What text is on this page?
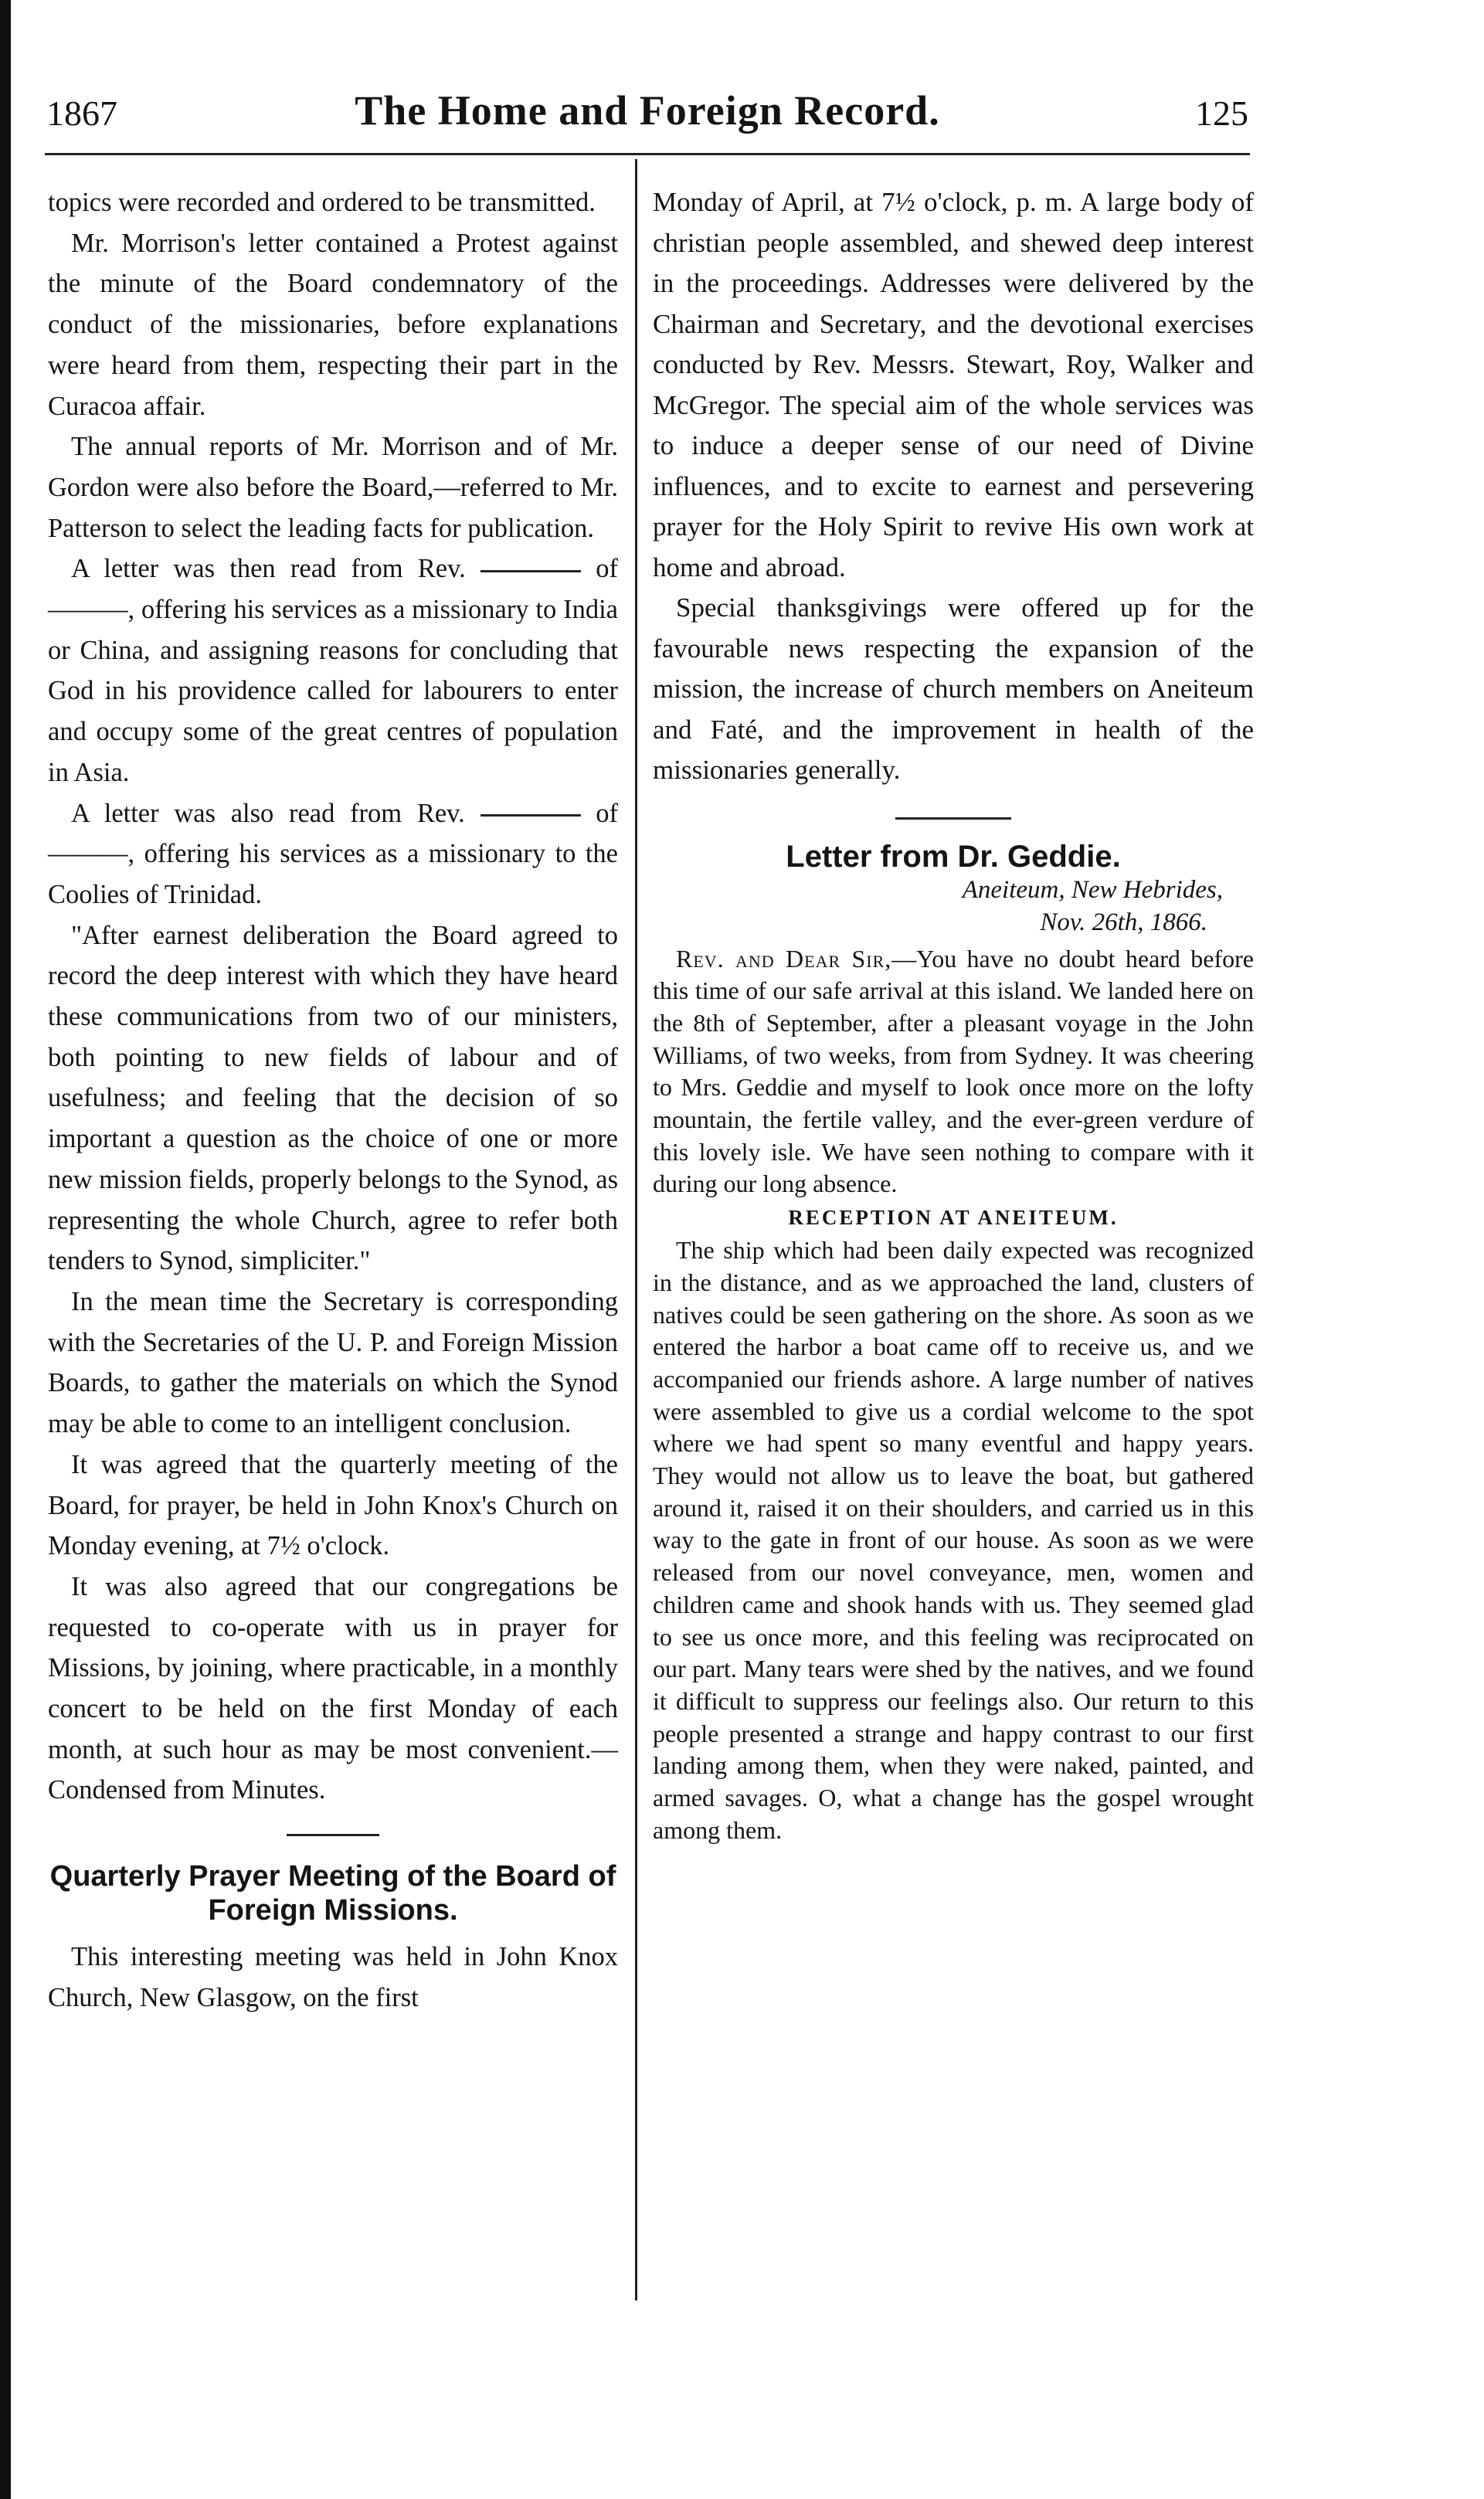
1867	The Home and Foreign Record.	125

topics were recorded and ordered to be transmitted.

Mr. Morrison's letter contained a Protest against the minute of the Board condemnatory of the conduct of the missionaries, before explanations were heard from them, respecting their part in the Curacoa affair.

The annual reports of Mr. Morrison and of Mr. Gordon were also before the Board,—referred to Mr. Patterson to select the leading facts for publication.

A letter was then read from Rev.	of ———, offering his services as a missionary to India or China, and assigning reasons for concluding that God in his providence called for labourers to enter and occupy some of the great centres of population in Asia.

A letter was also read from Rev.	of ———, offering his services as a missionary to the Coolies of Trinidad.

"After earnest deliberation the Board agreed to record the deep interest with which they have heard these communications from two of our ministers, both pointing to new fields of labour and of usefulness; and feeling that the decision of so important a question as the choice of one or more new mission fields, properly belongs to the Synod, as representing the whole Church, agree to refer both tenders to Synod, simpliciter."

In the mean time the Secretary is corresponding with the Secretaries of the U. P. and Foreign Mission Boards, to gather the materials on which the Synod may be able to come to an intelligent conclusion.

It was agreed that the quarterly meeting of the Board, for prayer, be held in John Knox's Church on Monday evening, at 7½ o'clock.

It was also agreed that our congregations be requested to co-operate with us in prayer for Missions, by joining, where practicable, in a monthly concert to be held on the first Monday of each month, at such hour as may be most convenient.—Condensed from Minutes.

Quarterly Prayer Meeting of the Board of Foreign Missions.

This interesting meeting was held in John Knox Church, New Glasgow, on the first

Monday of April, at 7½ o'clock, p. m. A large body of christian people assembled, and shewed deep interest in the proceedings. Addresses were delivered by the Chairman and Secretary, and the devotional exercises conducted by Rev. Messrs. Stewart, Roy, Walker and McGregor. The special aim of the whole services was to induce a deeper sense of our need of Divine influences, and to excite to earnest and persevering prayer for the Holy Spirit to revive His own work at home and abroad.

Special thanksgivings were offered up for the favourable news respecting the expansion of the mission, the increase of church members on Aneiteum and Faté, and the improvement in health of the missionaries generally.

Letter from Dr. Geddie.
Aneiteum, New Hebrides,
Nov. 26th, 1866.

Rev. and Dear Sir,—You have no doubt heard before this time of our safe arrival at this island. We landed here on the 8th of September, after a pleasant voyage in the John Williams, of two weeks, from from Sydney. It was cheering to Mrs. Geddie and myself to look once more on the lofty mountain, the fertile valley, and the ever-green verdure of this lovely isle. We have seen nothing to compare with it during our long absence.

RECEPTION AT ANEITEUM.

The ship which had been daily expected was recognized in the distance, and as we approached the land, clusters of natives could be seen gathering on the shore. As soon as we entered the harbor a boat came off to receive us, and we accompanied our friends ashore. A large number of natives were assembled to give us a cordial welcome to the spot where we had spent so many eventful and happy years. They would not allow us to leave the boat, but gathered around it, raised it on their shoulders, and carried us in this way to the gate in front of our house. As soon as we were released from our novel conveyance, men, women and children came and shook hands with us. They seemed glad to see us once more, and this feeling was reciprocated on our part. Many tears were shed by the natives, and we found it difficult to suppress our feelings also. Our return to this people presented a strange and happy contrast to our first landing among them, when they were naked, painted, and armed savages. O, what a change has the gospel wrought among them.
